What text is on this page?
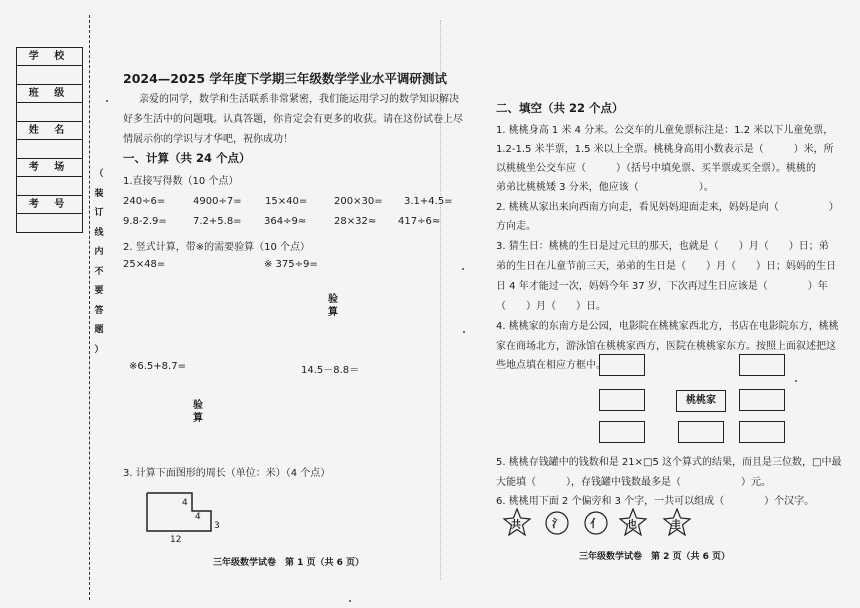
学 校
班 级
姓 名
考 场
考 号
（
装
订
线
内
不
要
答
题
）
2024—2025 学年度下学期三年级数学学业水平调研测试
亲爱的同学，数学和生活联系非常紧密，我们能运用学习的数学知识解决
好多生活中的问题哦。认真答题，你肯定会有更多的收获。请在这份试卷上尽
情展示你的学识与才华吧，祝你成功！
一、计算（共 24 个点）
1.直接写得数（10 个点）
240÷6=	4900÷7= 15×40=	200×30= 3.1+4.5=
9.8-2.9=	7.2+5.8= 364÷9≈	28×32≈ 417÷6≈
2. 竖式计算，带※的需要验算（10 个点）
25×48=	※ 375÷9=
验
算
※6.5+8.7=	14.5－8.8＝
验
算
3. 计算下面图形的周长（单位：米）（4 个点）
4
4
3
12
三年级数学试卷　第 1 页（共 6 页）
二、填空（共 22 个点）
1. 桃桃身高 1 米 4 分米。公交车的儿童免票标注是：1.2 米以下儿童免票，
1.2-1.5 米半票，1.5 米以上全票。桃桃身高用小数表示是（　　　）米，所
以桃桃坐公交车应（　　　）（括号中填免票、买半票或买全票）。桃桃的
弟弟比桃桃矮 3 分米，他应该（　　　　　　）。
2. 桃桃从家出来向西南方向走，看见妈妈迎面走来，妈妈是向（　　　　　）
方向走。
3. 猜生日：桃桃的生日是过元旦的那天，也就是（　　）月（　　）日；弟
弟的生日在儿童节前三天，弟弟的生日是（　　）月（　　）日；妈妈的生日
日 4 年才能过一次，妈妈今年 37 岁，下次再过生日应该是（　　　　）年
（　　）月（　　）日。
4. 桃桃家的东南方是公园，电影院在桃桃家西北方，书店在电影院东方，桃桃
家在商场北方，游泳馆在桃桃家西方，医院在桃桃家东方。按照上面叙述把这
些地点填在相应方框中。
桃桃家
5. 桃桃存钱罐中的钱数和是 21×□5 这个算式的结果，而且是三位数，□中最
大能填（　　　），存钱罐中钱数最多是（　　　　　　）元。
6. 桃桃用下面 2 个偏旁和 3 个字，一共可以组成（　　　　）个汉字。
共	氵 亻	也	圭
三年级数学试卷　第 2 页（共 6 页）
